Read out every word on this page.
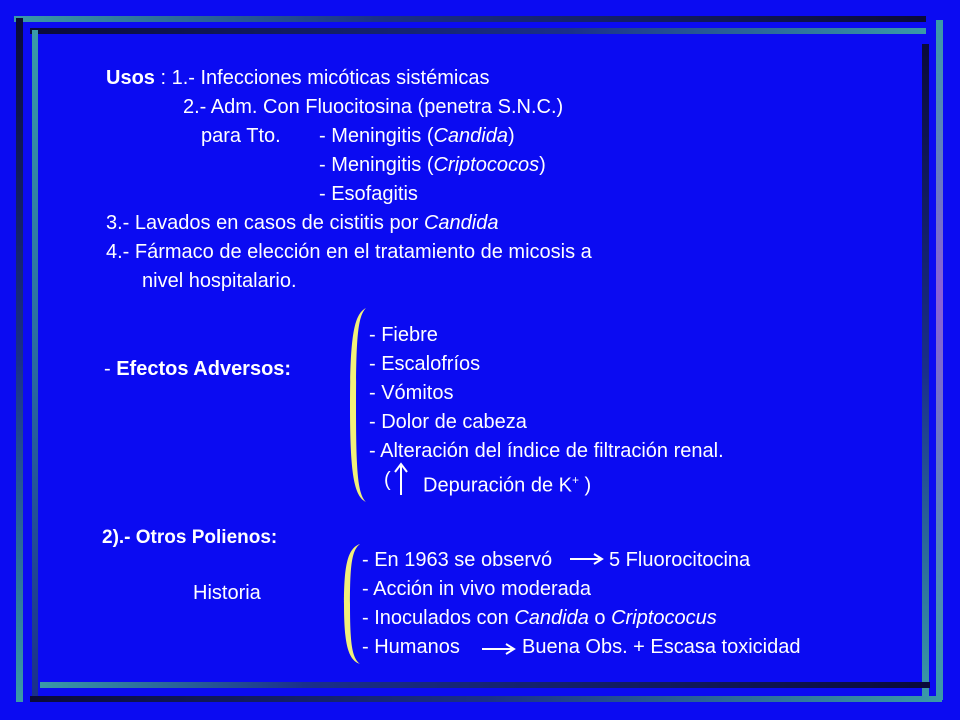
Usos : 1.- Infecciones micóticas sistémicas
2.- Adm. Con Fluocitosina (penetra S.N.C.)
para Tto. - Meningitis (Candida)
- Meningitis (Criptococos)
- Esofagitis
3.- Lavados en casos de cistitis por Candida
4.- Fármaco de elección en el tratamiento de micosis a
nivel hospitalario.
- Efectos Adversos:
- Fiebre
- Escalofríos
- Vómitos
- Dolor de cabeza
- Alteración del índice de filtración renal.
( Depuración de K+ )
2).- Otros Polienos:
Historia
- En 1963 se observó	5 Fluorocitocina
- Acción in vivo moderada
- Inoculados con Candida o Criptococus
- Humanos	Buena Obs. + Escasa toxicidad
